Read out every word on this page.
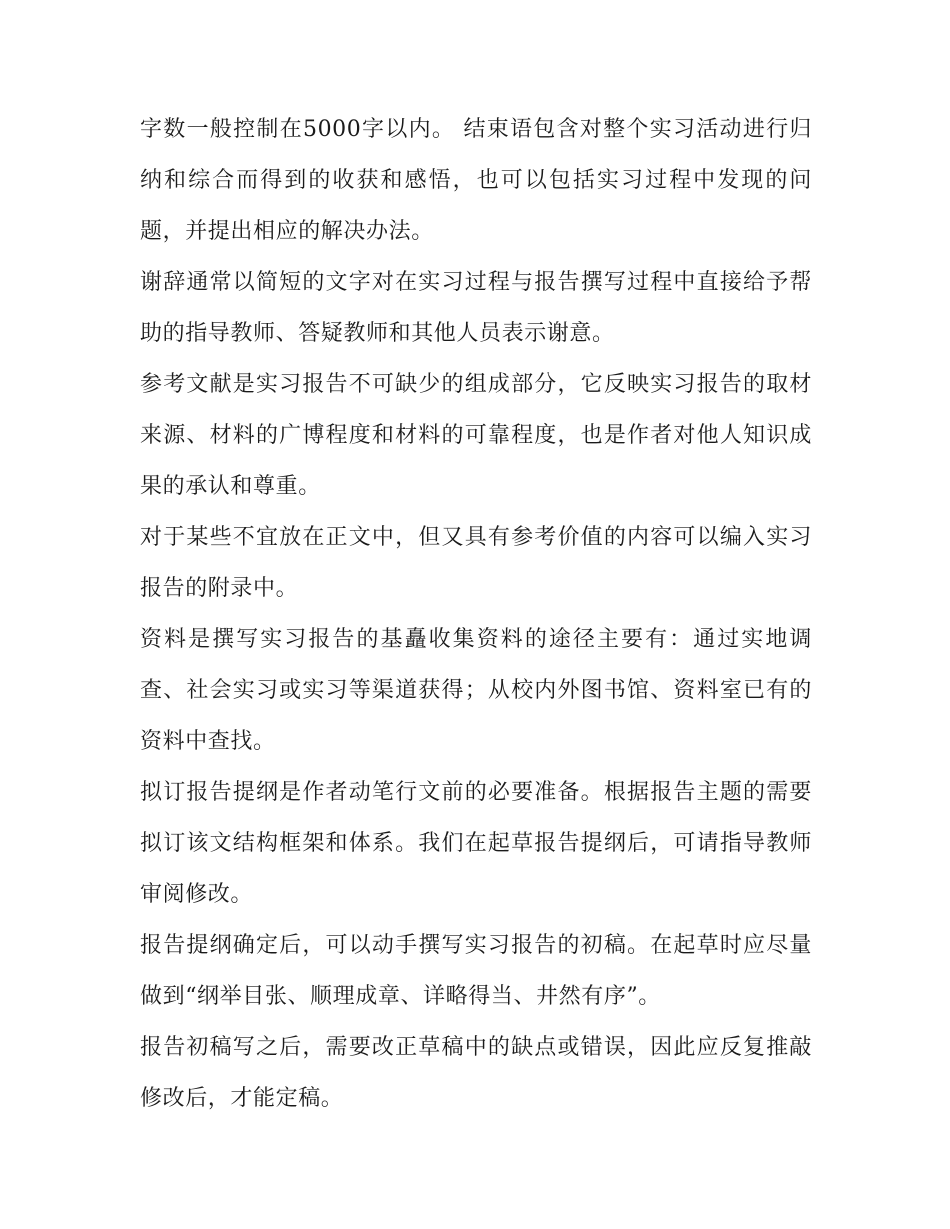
字数一般控制在5000字以内。 结束语包含对整个实习活动进行归纳和综合而得到的收获和感悟，也可以包括实习过程中发现的问题，并提出相应的解决办法。

谢辞通常以简短的文字对在实习过程与报告撰写过程中直接给予帮助的指导教师、答疑教师和其他人员表示谢意。

参考文献是实习报告不可缺少的组成部分，它反映实习报告的取材来源、材料的广博程度和材料的可靠程度，也是作者对他人知识成果的承认和尊重。

对于某些不宜放在正文中，但又具有参考价值的内容可以编入实习报告的附录中。

资料是撰写实习报告的基矗收集资料的途径主要有：通过实地调查、社会实习或实习等渠道获得；从校内外图书馆、资料室已有的资料中查找。

拟订报告提纲是作者动笔行文前的必要准备。根据报告主题的需要拟订该文结构框架和体系。我们在起草报告提纲后，可请指导教师审阅修改。

报告提纲确定后，可以动手撰写实习报告的初稿。在起草时应尽量做到“纲举目张、顺理成章、详略得当、井然有序”。

报告初稿写之后，需要改正草稿中的缺点或错误，因此应反复推敲修改后，才能定稿。
